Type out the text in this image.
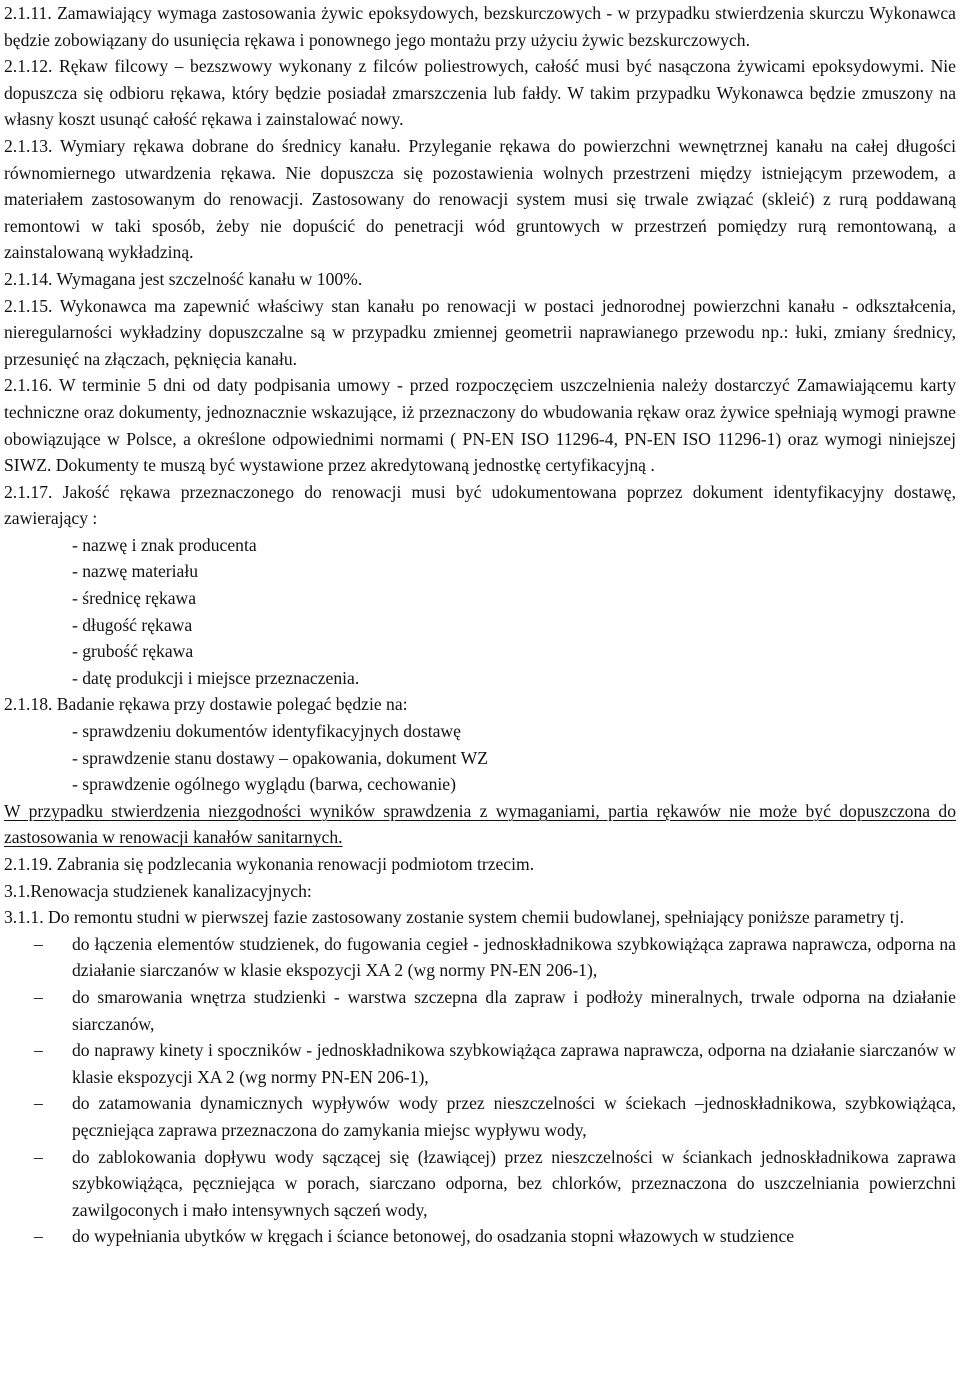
2.1.11. Zamawiający wymaga zastosowania żywic epoksydowych, bezskurczowych - w przypadku stwierdzenia skurczu Wykonawca będzie zobowiązany do usunięcia rękawa i ponownego jego montażu przy użyciu żywic bezskurczowych.

2.1.12. Rękaw filcowy – bezszwowy wykonany z filców poliestrowych, całość musi być nasączona żywicami epoksydowymi. Nie dopuszcza się odbioru rękawa, który będzie posiadał zmarszczenia lub fałdy. W takim przypadku Wykonawca będzie zmuszony na własny koszt usunąć całość rękawa i zainstalować nowy.

2.1.13. Wymiary rękawa dobrane do średnicy kanału. Przyleganie rękawa do powierzchni wewnętrznej kanału na całej długości równomiernego utwardzenia rękawa. Nie dopuszcza się pozostawienia wolnych przestrzeni między istniejącym przewodem, a materiałem zastosowanym do renowacji. Zastosowany do renowacji system musi się trwale związać (skleić) z rurą poddawaną remontowi w taki sposób, żeby nie dopuścić do penetracji wód gruntowych w przestrzeń pomiędzy rurą remontowaną, a zainstalowaną wykładziną.

2.1.14. Wymagana jest szczelność kanału w 100%.

2.1.15. Wykonawca ma zapewnić właściwy stan kanału po renowacji w postaci jednorodnej powierzchni kanału - odkształcenia, nieregularności wykładziny dopuszczalne są w przypadku zmiennej geometrii naprawianego przewodu np.: łuki, zmiany średnicy, przesunięć na złączach, pęknięcia kanału.

2.1.16. W terminie 5 dni od daty podpisania umowy - przed rozpoczęciem uszczelnienia należy dostarczyć Zamawiającemu karty techniczne oraz dokumenty, jednoznacznie wskazujące, iż przeznaczony do wbudowania rękaw oraz żywice spełniają wymogi prawne obowiązujące w Polsce, a określone odpowiednimi normami ( PN-EN ISO 11296-4, PN-EN ISO 11296-1) oraz wymogi niniejszej SIWZ. Dokumenty te muszą być wystawione przez akredytowaną jednostkę certyfikacyjną .

2.1.17. Jakość rękawa przeznaczonego do renowacji musi być udokumentowana poprzez dokument identyfikacyjny dostawę, zawierający :

- nazwę i znak producenta

- nazwę materiału

- średnicę rękawa

- długość rękawa

- grubość rękawa

- datę produkcji i miejsce przeznaczenia.

2.1.18. Badanie rękawa przy dostawie polegać będzie na:

- sprawdzeniu dokumentów identyfikacyjnych dostawę

- sprawdzenie stanu dostawy – opakowania, dokument WZ

- sprawdzenie ogólnego wyglądu (barwa, cechowanie)

W przypadku stwierdzenia niezgodności wyników sprawdzenia z wymaganiami, partia rękawów nie może być dopuszczona do zastosowania w renowacji kanałów sanitarnych.

2.1.19. Zabrania się podzlecania wykonania renowacji podmiotom trzecim.

3.1.Renowacja studzienek kanalizacyjnych:

3.1.1. Do remontu studni w pierwszej fazie zastosowany zostanie system chemii budowlanej, spełniający poniższe parametry tj.

– do łączenia elementów studzienek, do fugowania cegieł - jednoskładnikowa szybkowiążąca zaprawa naprawcza, odporna na działanie siarczanów w klasie ekspozycji XA 2 (wg normy PN-EN 206-1),
– do smarowania wnętrza studzienki - warstwa szczepna dla zapraw i podłoży mineralnych, trwale odporna na działanie siarczanów,
– do naprawy kinety i spoczników - jednoskładnikowa szybkowiążąca zaprawa naprawcza, odporna na działanie siarczanów w klasie ekspozycji XA 2 (wg normy PN-EN 206-1),
– do zatamowania dynamicznych wypływów wody przez nieszczelności w ściekach –jednoskładnikowa, szybkowiążąca, pęczniejąca zaprawa przeznaczona do zamykania miejsc wypływu wody,
– do zablokowania dopływu wody sączącej się (łzawiącej) przez nieszczelności w ściankach jednoskładnikowa zaprawa szybkowiążąca, pęczniejąca w porach, siarczano odporna, bez chlorków, przeznaczona do uszczelniania powierzchni zawilgoconych i mało intensywnych sączeń wody,
– do wypełniania ubytków w kręgach i ściance betonowej, do osadzania stopni włazowych w studzience
